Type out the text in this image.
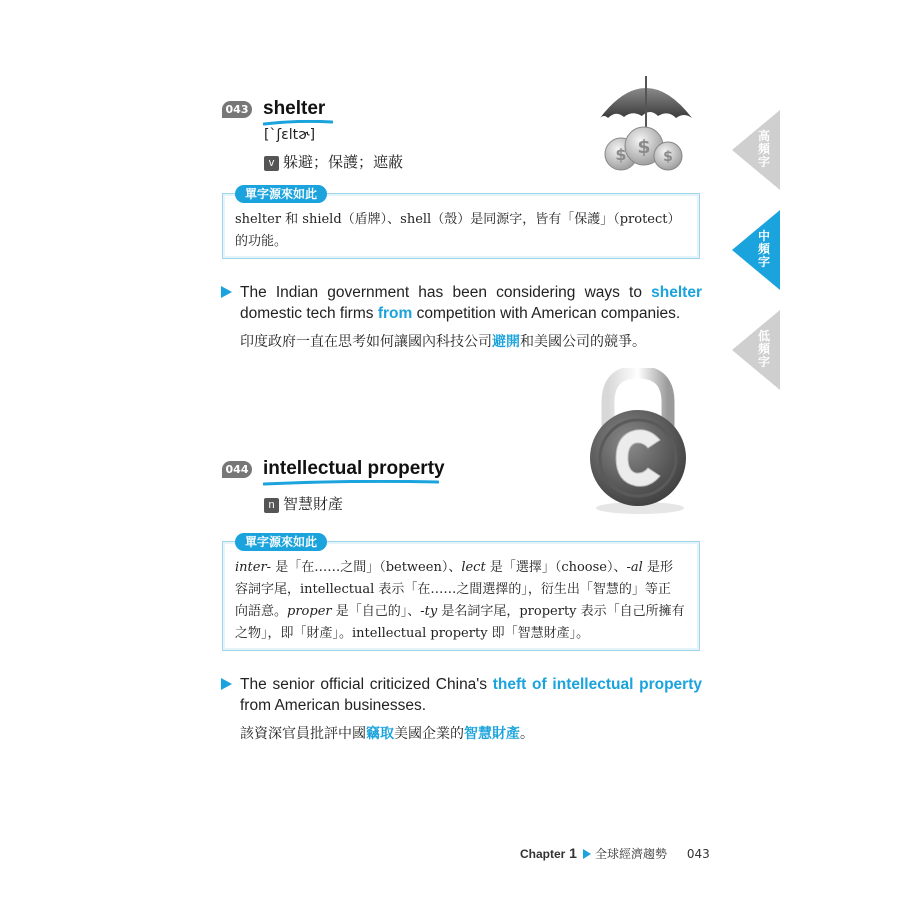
043 shelter
[ˋʃɛltɚ]
v 躲避；保護；遮蔽	$ $ $
單字源來如此
shelter 和 shield（盾牌）、shell（殼）是同源字，皆有「保護」（protect）
的功能。
The Indian government has been considering ways to shelter domestic tech firms from competition with American companies.
印度政府一直在思考如何讓國內科技公司避開和美國公司的競爭。
044 intellectual property
n 智慧財產
單字源來如此
inter- 是「在……之間」（between）、lect 是「選擇」（choose）、-al 是形
容詞字尾，intellectual 表示「在……之間選擇的」，衍生出「智慧的」等正
向語意。proper 是「自己的」、-ty 是名詞字尾，property 表示「自己所擁有
之物」，即「財產」。intellectual property 即「智慧財產」。
The senior official criticized China's theft of intellectual property from American businesses.
該資深官員批評中國竊取美國企業的智慧財產。
高頻字
中頻字
低頻字
Chapter 1 全球經濟趨勢 043
